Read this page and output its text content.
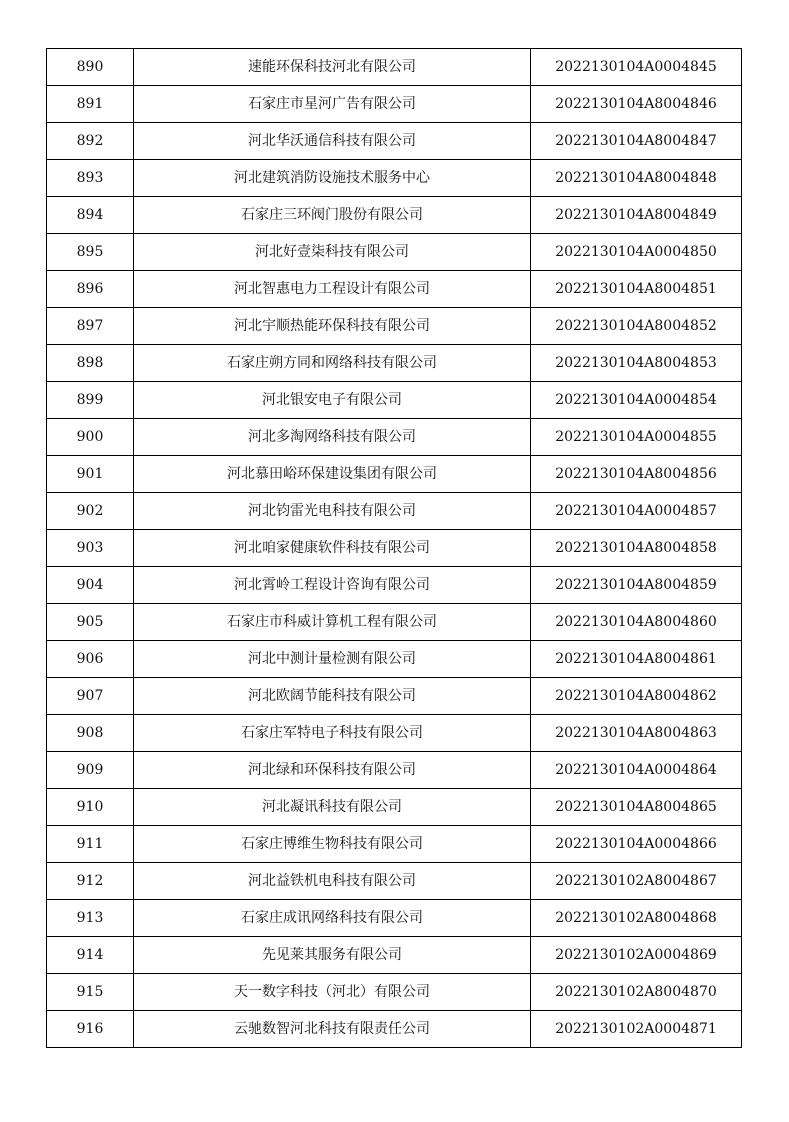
890	速能环保科技河北有限公司	2022130104A0004845
891	石家庄市星河广告有限公司	2022130104A8004846
892	河北华沃通信科技有限公司	2022130104A8004847
893	河北建筑消防设施技术服务中心	2022130104A8004848
894	石家庄三环阀门股份有限公司	2022130104A8004849
895	河北好壹柒科技有限公司	2022130104A0004850
896	河北智惠电力工程设计有限公司	2022130104A8004851
897	河北宇顺热能环保科技有限公司	2022130104A8004852
898	石家庄朔方同和网络科技有限公司	2022130104A8004853
899	河北银安电子有限公司	2022130104A0004854
900	河北多淘网络科技有限公司	2022130104A0004855
901	河北慕田峪环保建设集团有限公司	2022130104A8004856
902	河北钧雷光电科技有限公司	2022130104A0004857
903	河北咱家健康软件科技有限公司	2022130104A8004858
904	河北霄岭工程设计咨询有限公司	2022130104A8004859
905	石家庄市科威计算机工程有限公司	2022130104A8004860
906	河北中测计量检测有限公司	2022130104A8004861
907	河北欧阔节能科技有限公司	2022130104A8004862
908	石家庄军特电子科技有限公司	2022130104A8004863
909	河北绿和环保科技有限公司	2022130104A0004864
910	河北凝讯科技有限公司	2022130104A8004865
911	石家庄博维生物科技有限公司	2022130104A0004866
912	河北益铁机电科技有限公司	2022130102A8004867
913	石家庄成讯网络科技有限公司	2022130102A8004868
914	先见莱其服务有限公司	2022130102A0004869
915	天一数字科技（河北）有限公司	2022130102A8004870
916	云驰数智河北科技有限责任公司	2022130102A0004871
